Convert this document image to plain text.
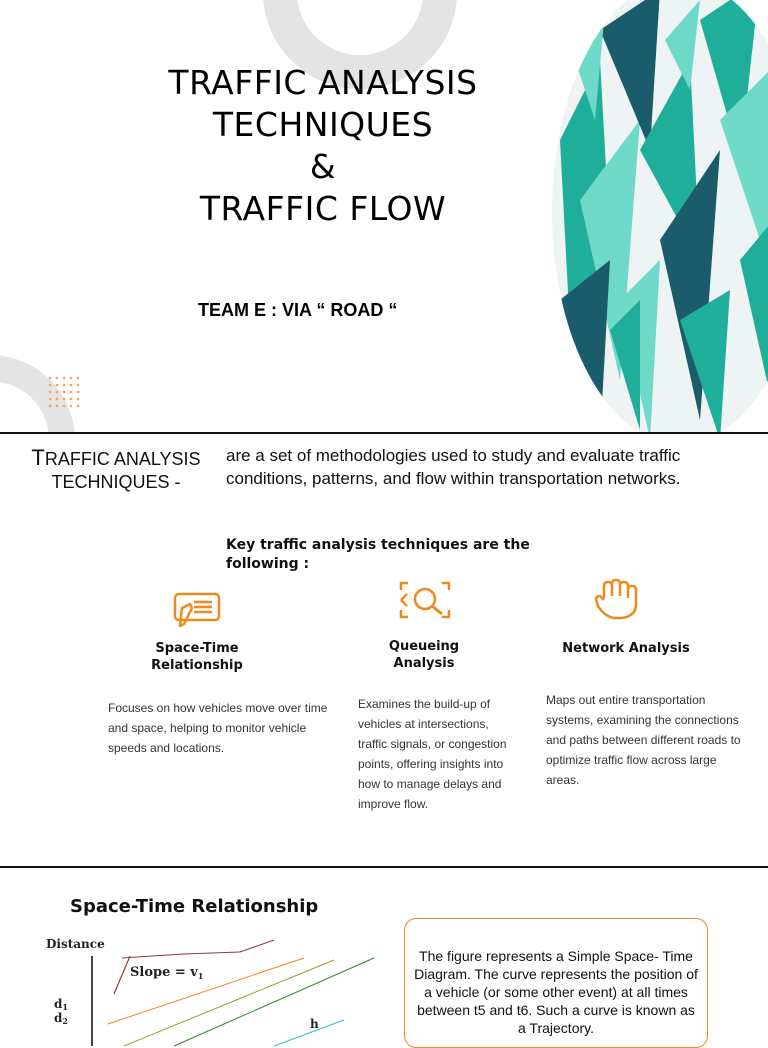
TRAFFIC ANALYSIS
TECHNIQUES
&
TRAFFIC FLOW
TEAM E : VIA “ ROAD “
TRAFFIC ANALYSIS
TECHNIQUES -
are a set of methodologies used to study and evaluate traffic conditions, patterns, and flow within transportation networks.
Key traffic analysis techniques are the following :
Space-Time
Relationship
Focuses on how vehicles move over time and space, helping to monitor vehicle speeds and locations.
Queueing
Analysis
Examines the build-up of vehicles at intersections, traffic signals, or congestion points, offering insights into how to manage delays and improve flow.
Network Analysis
Maps out entire transportation systems, examining the connections and paths between different roads to optimize traffic flow across large areas.
Space-Time Relationship
Distance
Slope = $v_1$
d1
d2	h
The figure represents a Simple Space- Time Diagram. The curve represents the position of a vehicle (or some other event) at all times between t5 and t6. Such a curve is known as a Trajectory.
